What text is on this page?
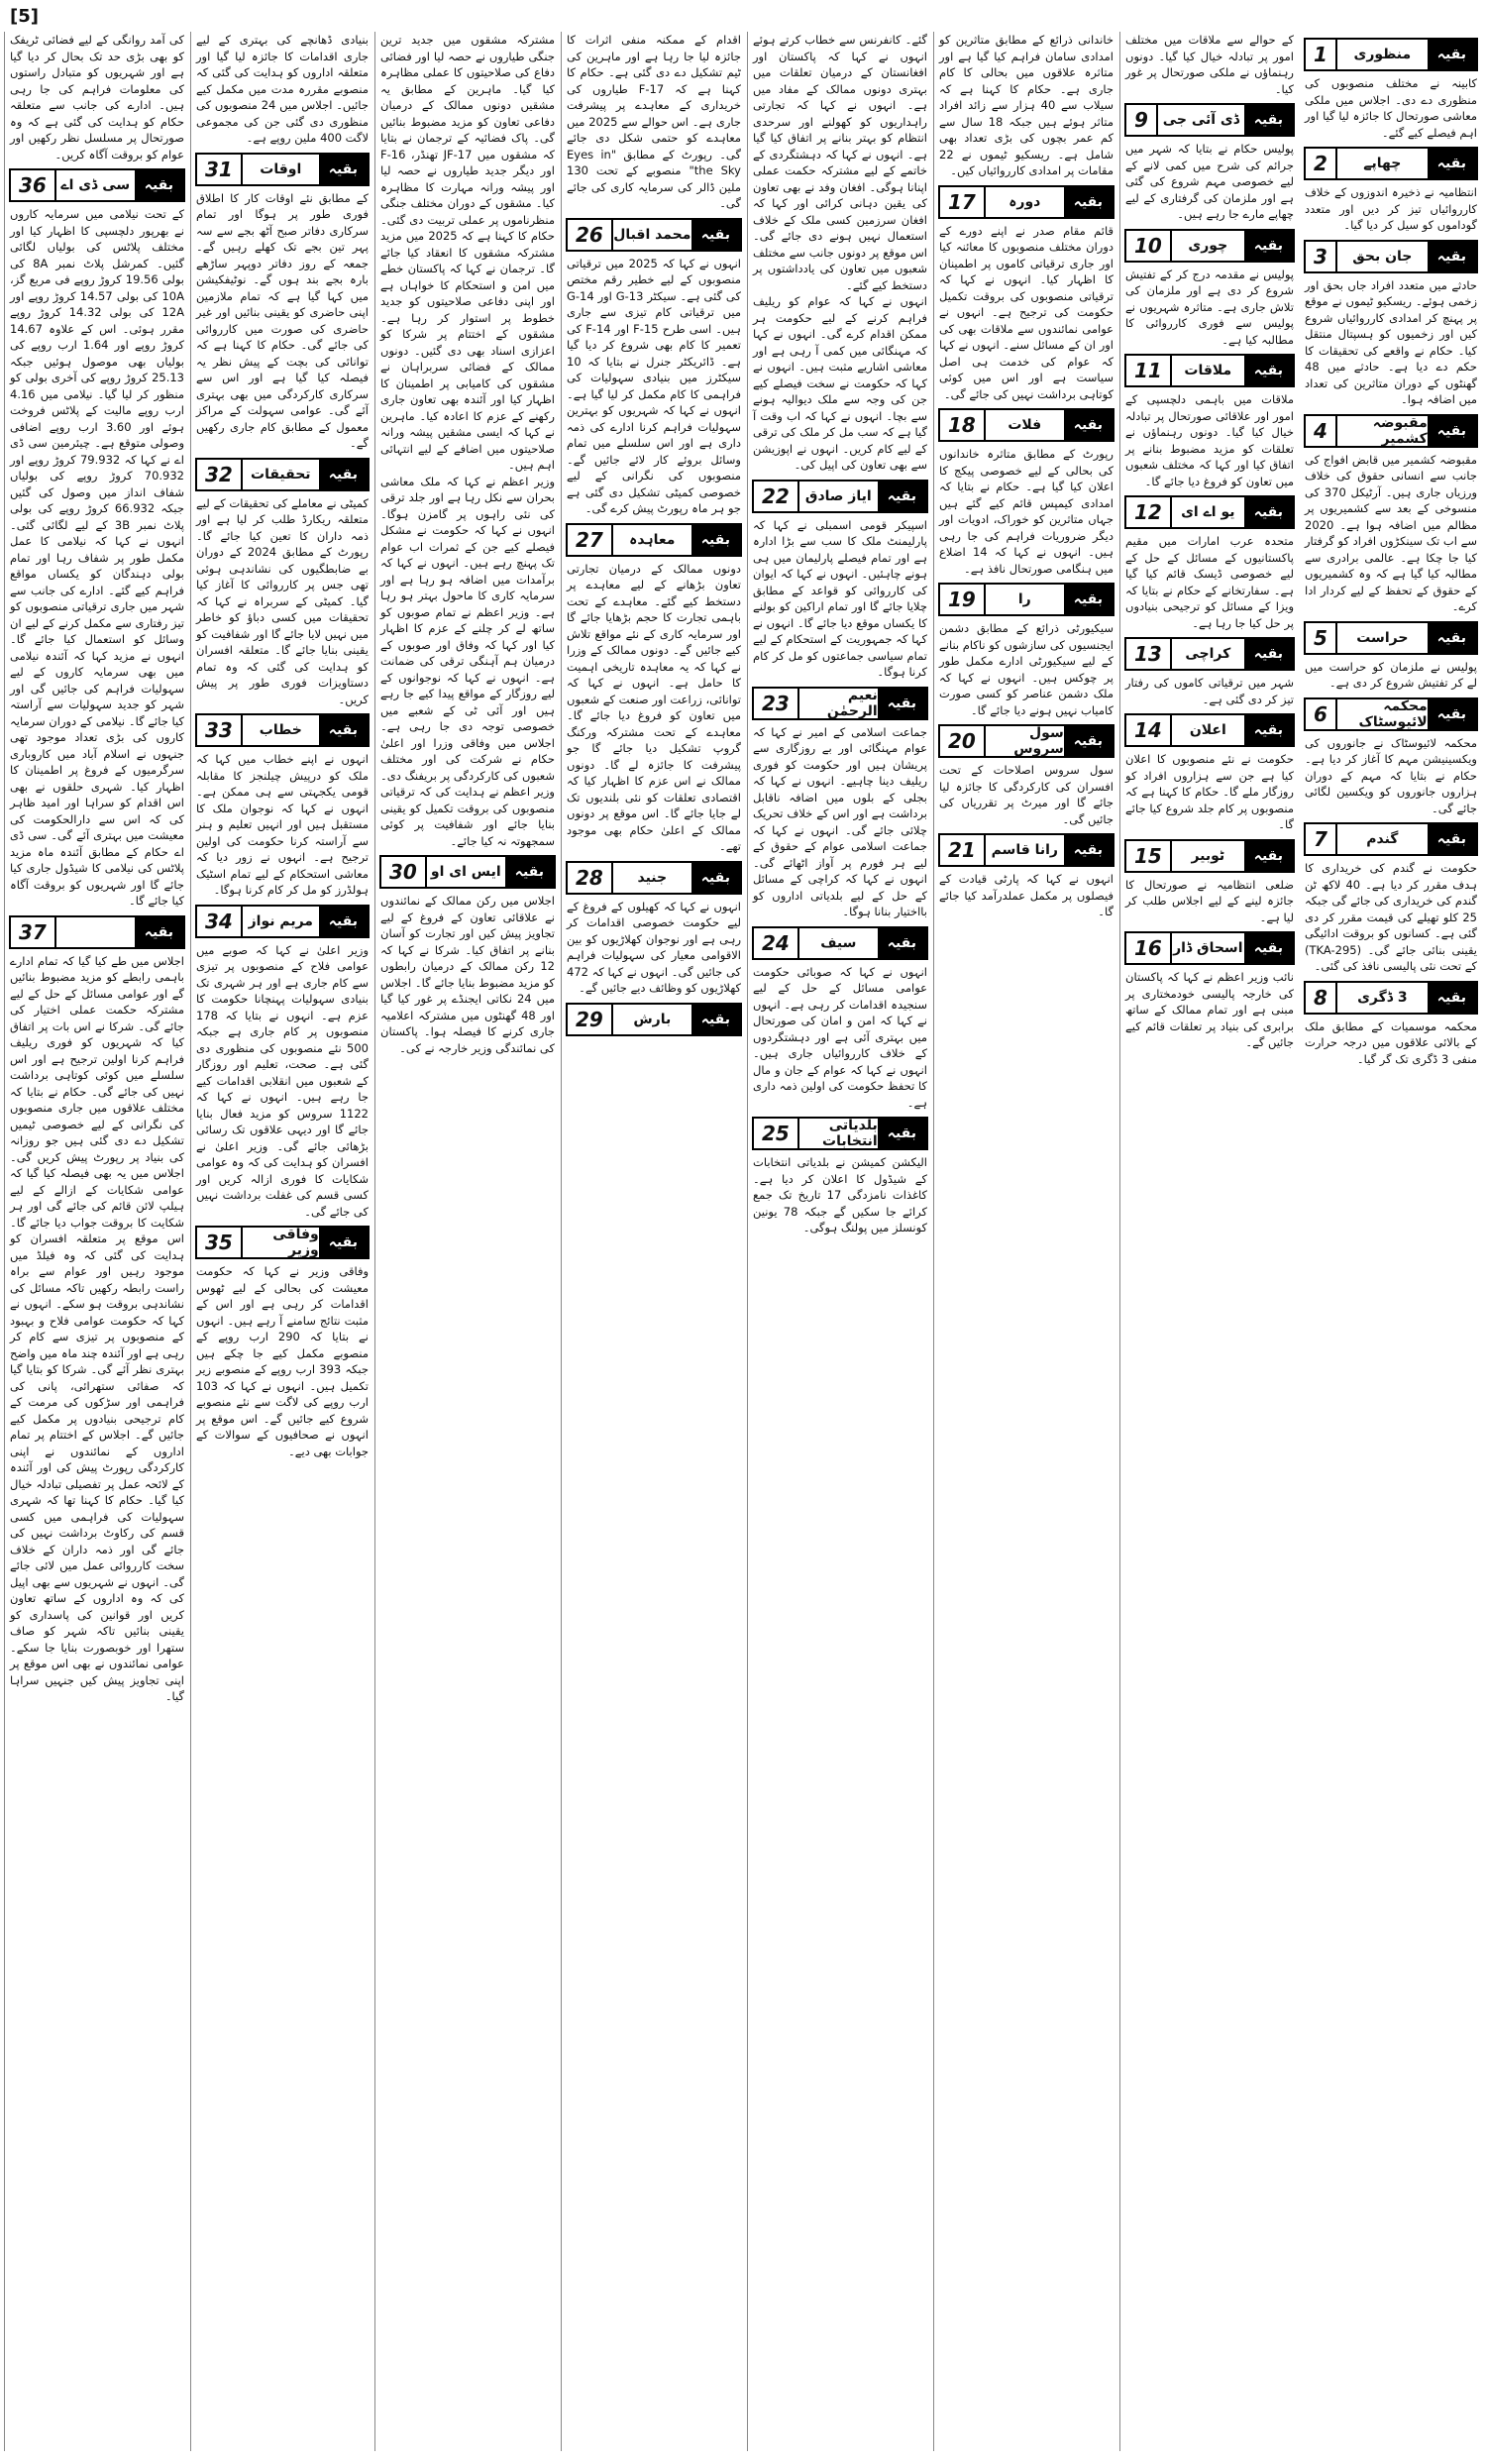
[5]

کی آمد روانگی کے لیے فضائی ٹریفک کو بھی بڑی حد تک بحال کر دیا گیا ہے اور شہریوں کو متبادل راستوں کی معلومات فراہم کی جا رہی ہیں۔ ادارے کی جانب سے متعلقہ حکام کو ہدایت کی گئی ہے کہ وہ صورتحال پر مسلسل نظر رکھیں اور عوام کو بروقت آگاہ کریں۔

بقیہ
سی ڈی اے
36

کے تحت نیلامی میں سرمایہ کاروں نے بھرپور دلچسپی کا اظہار کیا اور مختلف پلاٹس کی بولیاں لگائی گئیں۔ کمرشل پلاٹ نمبر 8A کی بولی 19.56 کروڑ روپے فی مربع گز، 10A کی بولی 14.57 کروڑ روپے اور 12A کی بولی 14.32 کروڑ روپے مقرر ہوئی۔ اس کے علاوہ 14.67 کروڑ روپے اور 1.64 ارب روپے کی بولیاں بھی موصول ہوئیں جبکہ 25.13 کروڑ روپے کی آخری بولی کو منظور کر لیا گیا۔ نیلامی میں 4.16 ارب روپے مالیت کے پلاٹس فروخت ہوئے اور 3.60 ارب روپے اضافی وصولی متوقع ہے۔ چیئرمین سی ڈی اے نے کہا کہ 79.932 کروڑ روپے اور 70.932 کروڑ روپے کی بولیاں شفاف انداز میں وصول کی گئیں جبکہ 66.932 کروڑ روپے کی بولی پلاٹ نمبر 3B کے لیے لگائی گئی۔ انہوں نے کہا کہ نیلامی کا عمل مکمل طور پر شفاف رہا اور تمام بولی دہندگان کو یکساں مواقع فراہم کیے گئے۔ ادارے کی جانب سے شہر میں جاری ترقیاتی منصوبوں کو تیز رفتاری سے مکمل کرنے کے لیے ان وسائل کو استعمال کیا جائے گا۔ انہوں نے مزید کہا کہ آئندہ نیلامی میں بھی سرمایہ کاروں کے لیے سہولیات فراہم کی جائیں گی اور شہر کو جدید سہولیات سے آراستہ کیا جائے گا۔ نیلامی کے دوران سرمایہ کاروں کی بڑی تعداد موجود تھی جنہوں نے اسلام آباد میں کاروباری سرگرمیوں کے فروغ پر اطمینان کا اظہار کیا۔ شہری حلقوں نے بھی اس اقدام کو سراہا اور امید ظاہر کی کہ اس سے دارالحکومت کی معیشت میں بہتری آئے گی۔ سی ڈی اے حکام کے مطابق آئندہ ماہ مزید پلاٹس کی نیلامی کا شیڈول جاری کیا جائے گا اور شہریوں کو بروقت آگاہ کیا جائے گا۔

بقیہ
37

اجلاس میں طے کیا گیا کہ تمام ادارے باہمی رابطے کو مزید مضبوط بنائیں گے اور عوامی مسائل کے حل کے لیے مشترکہ حکمت عملی اختیار کی جائے گی۔ شرکا نے اس بات پر اتفاق کیا کہ شہریوں کو فوری ریلیف فراہم کرنا اولین ترجیح ہے اور اس سلسلے میں کوئی کوتاہی برداشت نہیں کی جائے گی۔ حکام نے بتایا کہ مختلف علاقوں میں جاری منصوبوں کی نگرانی کے لیے خصوصی ٹیمیں تشکیل دے دی گئی ہیں جو روزانہ کی بنیاد پر رپورٹ پیش کریں گی۔ اجلاس میں یہ بھی فیصلہ کیا گیا کہ عوامی شکایات کے ازالے کے لیے ہیلپ لائن قائم کی جائے گی اور ہر شکایت کا بروقت جواب دیا جائے گا۔ اس موقع پر متعلقہ افسران کو ہدایت کی گئی کہ وہ فیلڈ میں موجود رہیں اور عوام سے براہ راست رابطہ رکھیں تاکہ مسائل کی نشاندہی بروقت ہو سکے۔ انہوں نے کہا کہ حکومت عوامی فلاح و بہبود کے منصوبوں پر تیزی سے کام کر رہی ہے اور آئندہ چند ماہ میں واضح بہتری نظر آئے گی۔ شرکا کو بتایا گیا کہ صفائی ستھرائی، پانی کی فراہمی اور سڑکوں کی مرمت کے کام ترجیحی بنیادوں پر مکمل کیے جائیں گے۔ اجلاس کے اختتام پر تمام اداروں کے نمائندوں نے اپنی کارکردگی رپورٹ پیش کی اور آئندہ کے لائحہ عمل پر تفصیلی تبادلہ خیال کیا گیا۔ حکام کا کہنا تھا کہ شہری سہولیات کی فراہمی میں کسی قسم کی رکاوٹ برداشت نہیں کی جائے گی اور ذمہ داران کے خلاف سخت کارروائی عمل میں لائی جائے گی۔ انہوں نے شہریوں سے بھی اپیل کی کہ وہ اداروں کے ساتھ تعاون کریں اور قوانین کی پاسداری کو یقینی بنائیں تاکہ شہر کو صاف ستھرا اور خوبصورت بنایا جا سکے۔ عوامی نمائندوں نے بھی اس موقع پر اپنی تجاویز پیش کیں جنہیں سراہا گیا۔

بنیادی ڈھانچے کی بہتری کے لیے جاری اقدامات کا جائزہ لیا گیا اور متعلقہ اداروں کو ہدایت کی گئی کہ منصوبے مقررہ مدت میں مکمل کیے جائیں۔ اجلاس میں 24 منصوبوں کی منظوری دی گئی جن کی مجموعی لاگت 400 ملین روپے ہے۔

بقیہ
اوقات
31

کے مطابق نئے اوقات کار کا اطلاق فوری طور پر ہوگا اور تمام سرکاری دفاتر صبح آٹھ بجے سے سہ پہر تین بجے تک کھلے رہیں گے۔ جمعہ کے روز دفاتر دوپہر ساڑھے بارہ بجے بند ہوں گے۔ نوٹیفکیشن میں کہا گیا ہے کہ تمام ملازمین اپنی حاضری کو یقینی بنائیں اور غیر حاضری کی صورت میں کارروائی کی جائے گی۔ حکام کا کہنا ہے کہ توانائی کی بچت کے پیش نظر یہ فیصلہ کیا گیا ہے اور اس سے سرکاری کارکردگی میں بھی بہتری آئے گی۔ عوامی سہولت کے مراکز معمول کے مطابق کام جاری رکھیں گے۔

بقیہ
تحقیقات
32

کمیٹی نے معاملے کی تحقیقات کے لیے متعلقہ ریکارڈ طلب کر لیا ہے اور ذمہ داران کا تعین کیا جائے گا۔ رپورٹ کے مطابق 2024 کے دوران بے ضابطگیوں کی نشاندہی ہوئی تھی جس پر کارروائی کا آغاز کیا گیا۔ کمیٹی کے سربراہ نے کہا کہ تحقیقات میں کسی دباؤ کو خاطر میں نہیں لایا جائے گا اور شفافیت کو یقینی بنایا جائے گا۔ متعلقہ افسران کو ہدایت کی گئی کہ وہ تمام دستاویزات فوری طور پر پیش کریں۔

بقیہ
خطاب
33

انہوں نے اپنے خطاب میں کہا کہ ملک کو درپیش چیلنجز کا مقابلہ قومی یکجہتی سے ہی ممکن ہے۔ انہوں نے کہا کہ نوجوان ملک کا مستقبل ہیں اور انہیں تعلیم و ہنر سے آراستہ کرنا حکومت کی اولین ترجیح ہے۔ انہوں نے زور دیا کہ معاشی استحکام کے لیے تمام اسٹیک ہولڈرز کو مل کر کام کرنا ہوگا۔

بقیہ
مریم نواز
34

وزیر اعلیٰ نے کہا کہ صوبے میں عوامی فلاح کے منصوبوں پر تیزی سے کام جاری ہے اور ہر شہری تک بنیادی سہولیات پہنچانا حکومت کا عزم ہے۔ انہوں نے بتایا کہ 178 منصوبوں پر کام جاری ہے جبکہ 500 نئے منصوبوں کی منظوری دی گئی ہے۔ صحت، تعلیم اور روزگار کے شعبوں میں انقلابی اقدامات کیے جا رہے ہیں۔ انہوں نے کہا کہ 1122 سروس کو مزید فعال بنایا جائے گا اور دیہی علاقوں تک رسائی بڑھائی جائے گی۔ وزیر اعلیٰ نے افسران کو ہدایت کی کہ وہ عوامی شکایات کا فوری ازالہ کریں اور کسی قسم کی غفلت برداشت نہیں کی جائے گی۔

بقیہ
وفاقی وزیر
35

وفاقی وزیر نے کہا کہ حکومت معیشت کی بحالی کے لیے ٹھوس اقدامات کر رہی ہے اور اس کے مثبت نتائج سامنے آ رہے ہیں۔ انہوں نے بتایا کہ 290 ارب روپے کے منصوبے مکمل کیے جا چکے ہیں جبکہ 393 ارب روپے کے منصوبے زیر تکمیل ہیں۔ انہوں نے کہا کہ 103 ارب روپے کی لاگت سے نئے منصوبے شروع کیے جائیں گے۔ اس موقع پر انہوں نے صحافیوں کے سوالات کے جوابات بھی دیے۔

مشترکہ مشقوں میں جدید ترین جنگی طیاروں نے حصہ لیا اور فضائی دفاع کی صلاحیتوں کا عملی مظاہرہ کیا گیا۔ ماہرین کے مطابق یہ مشقیں دونوں ممالک کے درمیان دفاعی تعاون کو مزید مضبوط بنائیں گی۔ پاک فضائیہ کے ترجمان نے بتایا کہ مشقوں میں JF-17 تھنڈر، F-16 اور دیگر جدید طیاروں نے حصہ لیا اور پیشہ ورانہ مہارت کا مظاہرہ کیا۔ مشقوں کے دوران مختلف جنگی منظرناموں پر عملی تربیت دی گئی۔ حکام کا کہنا ہے کہ 2025 میں مزید مشترکہ مشقوں کا انعقاد کیا جائے گا۔ ترجمان نے کہا کہ پاکستان خطے میں امن و استحکام کا خواہاں ہے اور اپنی دفاعی صلاحیتوں کو جدید خطوط پر استوار کر رہا ہے۔ مشقوں کے اختتام پر شرکا کو اعزازی اسناد بھی دی گئیں۔ دونوں ممالک کے فضائی سربراہان نے مشقوں کی کامیابی پر اطمینان کا اظہار کیا اور آئندہ بھی تعاون جاری رکھنے کے عزم کا اعادہ کیا۔ ماہرین نے کہا کہ ایسی مشقیں پیشہ ورانہ صلاحیتوں میں اضافے کے لیے انتہائی اہم ہیں۔

وزیر اعظم نے کہا کہ ملک معاشی بحران سے نکل رہا ہے اور جلد ترقی کی نئی راہوں پر گامزن ہوگا۔ انہوں نے کہا کہ حکومت نے مشکل فیصلے کیے جن کے ثمرات اب عوام تک پہنچ رہے ہیں۔ انہوں نے کہا کہ برآمدات میں اضافہ ہو رہا ہے اور سرمایہ کاری کا ماحول بہتر ہو رہا ہے۔ وزیر اعظم نے تمام صوبوں کو ساتھ لے کر چلنے کے عزم کا اظہار کیا اور کہا کہ وفاق اور صوبوں کے درمیان ہم آہنگی ترقی کی ضمانت ہے۔ انہوں نے کہا کہ نوجوانوں کے لیے روزگار کے مواقع پیدا کیے جا رہے ہیں اور آئی ٹی کے شعبے میں خصوصی توجہ دی جا رہی ہے۔ اجلاس میں وفاقی وزرا اور اعلیٰ حکام نے شرکت کی اور مختلف شعبوں کی کارکردگی پر بریفنگ دی۔ وزیر اعظم نے ہدایت کی کہ ترقیاتی منصوبوں کی بروقت تکمیل کو یقینی بنایا جائے اور شفافیت پر کوئی سمجھوتہ نہ کیا جائے۔

بقیہ
ایس ای او
30

اجلاس میں رکن ممالک کے نمائندوں نے علاقائی تعاون کے فروغ کے لیے تجاویز پیش کیں اور تجارت کو آسان بنانے پر اتفاق کیا۔ شرکا نے کہا کہ 12 رکن ممالک کے درمیان رابطوں کو مزید مضبوط بنایا جائے گا۔ اجلاس میں 24 نکاتی ایجنڈے پر غور کیا گیا اور 48 گھنٹوں میں مشترکہ اعلامیہ جاری کرنے کا فیصلہ ہوا۔ پاکستان کی نمائندگی وزیر خارجہ نے کی۔

اقدام کے ممکنہ منفی اثرات کا جائزہ لیا جا رہا ہے اور ماہرین کی ٹیم تشکیل دے دی گئی ہے۔ حکام کا کہنا ہے کہ F-17 طیاروں کی خریداری کے معاہدے پر پیشرفت جاری ہے۔ اس حوالے سے 2025 میں معاہدے کو حتمی شکل دی جائے گی۔ رپورٹ کے مطابق "Eyes in the Sky" منصوبے کے تحت 130 ملین ڈالر کی سرمایہ کاری کی جائے گی۔

بقیہ
محمد اقبال
26

انہوں نے کہا کہ 2025 میں ترقیاتی منصوبوں کے لیے خطیر رقم مختص کی گئی ہے۔ سیکٹر G-13 اور G-14 میں ترقیاتی کام تیزی سے جاری ہیں۔ اسی طرح F-15 اور F-14 کی تعمیر کا کام بھی شروع کر دیا گیا ہے۔ ڈائریکٹر جنرل نے بتایا کہ 10 سیکٹرز میں بنیادی سہولیات کی فراہمی کا کام مکمل کر لیا گیا ہے۔ انہوں نے کہا کہ شہریوں کو بہترین سہولیات فراہم کرنا ادارے کی ذمہ داری ہے اور اس سلسلے میں تمام وسائل بروئے کار لائے جائیں گے۔ منصوبوں کی نگرانی کے لیے خصوصی کمیٹی تشکیل دی گئی ہے جو ہر ماہ رپورٹ پیش کرے گی۔

بقیہ
معاہدہ
27

دونوں ممالک کے درمیان تجارتی تعاون بڑھانے کے لیے معاہدے پر دستخط کیے گئے۔ معاہدے کے تحت باہمی تجارت کا حجم بڑھایا جائے گا اور سرمایہ کاری کے نئے مواقع تلاش کیے جائیں گے۔ دونوں ممالک کے وزرا نے کہا کہ یہ معاہدہ تاریخی اہمیت کا حامل ہے۔ انہوں نے کہا کہ توانائی، زراعت اور صنعت کے شعبوں میں تعاون کو فروغ دیا جائے گا۔ معاہدے کے تحت مشترکہ ورکنگ گروپ تشکیل دیا جائے گا جو پیشرفت کا جائزہ لے گا۔ دونوں ممالک نے اس عزم کا اظہار کیا کہ اقتصادی تعلقات کو نئی بلندیوں تک لے جایا جائے گا۔ اس موقع پر دونوں ممالک کے اعلیٰ حکام بھی موجود تھے۔

بقیہ
جنید
28

انہوں نے کہا کہ کھیلوں کے فروغ کے لیے حکومت خصوصی اقدامات کر رہی ہے اور نوجوان کھلاڑیوں کو بین الاقوامی معیار کی سہولیات فراہم کی جائیں گی۔ انہوں نے کہا کہ 472 کھلاڑیوں کو وظائف دیے جائیں گے۔

بقیہ
بارش
29

گئے۔ کانفرنس سے خطاب کرتے ہوئے انہوں نے کہا کہ پاکستان اور افغانستان کے درمیان تعلقات میں بہتری دونوں ممالک کے مفاد میں ہے۔ انہوں نے کہا کہ تجارتی راہداریوں کو کھولنے اور سرحدی انتظام کو بہتر بنانے پر اتفاق کیا گیا ہے۔ انہوں نے کہا کہ دہشتگردی کے خاتمے کے لیے مشترکہ حکمت عملی اپنانا ہوگی۔ افغان وفد نے بھی تعاون کی یقین دہانی کرائی اور کہا کہ افغان سرزمین کسی ملک کے خلاف استعمال نہیں ہونے دی جائے گی۔ اس موقع پر دونوں جانب سے مختلف شعبوں میں تعاون کی یادداشتوں پر دستخط کیے گئے۔

انہوں نے کہا کہ عوام کو ریلیف فراہم کرنے کے لیے حکومت ہر ممکن اقدام کرے گی۔ انہوں نے کہا کہ مہنگائی میں کمی آ رہی ہے اور معاشی اشاریے مثبت ہیں۔ انہوں نے کہا کہ حکومت نے سخت فیصلے کیے جن کی وجہ سے ملک دیوالیہ ہونے سے بچا۔ انہوں نے کہا کہ اب وقت آ گیا ہے کہ سب مل کر ملک کی ترقی کے لیے کام کریں۔ انہوں نے اپوزیشن سے بھی تعاون کی اپیل کی۔

بقیہ
ایاز صادق
22

اسپیکر قومی اسمبلی نے کہا کہ پارلیمنٹ ملک کا سب سے بڑا ادارہ ہے اور تمام فیصلے پارلیمان میں ہی ہونے چاہئیں۔ انہوں نے کہا کہ ایوان کی کارروائی کو قواعد کے مطابق چلایا جائے گا اور تمام اراکین کو بولنے کا یکساں موقع دیا جائے گا۔ انہوں نے کہا کہ جمہوریت کے استحکام کے لیے تمام سیاسی جماعتوں کو مل کر کام کرنا ہوگا۔

بقیہ
نعیم الرحمٰن
23

جماعت اسلامی کے امیر نے کہا کہ عوام مہنگائی اور بے روزگاری سے پریشان ہیں اور حکومت کو فوری ریلیف دینا چاہیے۔ انہوں نے کہا کہ بجلی کے بلوں میں اضافہ ناقابل برداشت ہے اور اس کے خلاف تحریک چلائی جائے گی۔ انہوں نے کہا کہ جماعت اسلامی عوام کے حقوق کے لیے ہر فورم پر آواز اٹھائے گی۔ انہوں نے کہا کہ کراچی کے مسائل کے حل کے لیے بلدیاتی اداروں کو بااختیار بنانا ہوگا۔

بقیہ
سیف
24

انہوں نے کہا کہ صوبائی حکومت عوامی مسائل کے حل کے لیے سنجیدہ اقدامات کر رہی ہے۔ انہوں نے کہا کہ امن و امان کی صورتحال میں بہتری آئی ہے اور دہشتگردوں کے خلاف کارروائیاں جاری ہیں۔ انہوں نے کہا کہ عوام کے جان و مال کا تحفظ حکومت کی اولین ذمہ داری ہے۔

بقیہ
بلدیاتی انتخابات
25

الیکشن کمیشن نے بلدیاتی انتخابات کے شیڈول کا اعلان کر دیا ہے۔ کاغذات نامزدگی 17 تاریخ تک جمع کرائے جا سکیں گے جبکہ 78 یونین کونسلز میں پولنگ ہوگی۔

خاندانی ذرائع کے مطابق متاثرین کو امدادی سامان فراہم کیا گیا ہے اور متاثرہ علاقوں میں بحالی کا کام جاری ہے۔ حکام کا کہنا ہے کہ سیلاب سے 40 ہزار سے زائد افراد متاثر ہوئے ہیں جبکہ 18 سال سے کم عمر بچوں کی بڑی تعداد بھی شامل ہے۔ ریسکیو ٹیموں نے 22 مقامات پر امدادی کارروائیاں کیں۔

بقیہ
دورہ
17

قائم مقام صدر نے اپنے دورے کے دوران مختلف منصوبوں کا معائنہ کیا اور جاری ترقیاتی کاموں پر اطمینان کا اظہار کیا۔ انہوں نے کہا کہ ترقیاتی منصوبوں کی بروقت تکمیل حکومت کی ترجیح ہے۔ انہوں نے عوامی نمائندوں سے ملاقات بھی کی اور ان کے مسائل سنے۔ انہوں نے کہا کہ عوام کی خدمت ہی اصل سیاست ہے اور اس میں کوئی کوتاہی برداشت نہیں کی جائے گی۔

بقیہ
فلات
18

رپورٹ کے مطابق متاثرہ خاندانوں کی بحالی کے لیے خصوصی پیکج کا اعلان کیا گیا ہے۔ حکام نے بتایا کہ امدادی کیمپس قائم کیے گئے ہیں جہاں متاثرین کو خوراک، ادویات اور دیگر ضروریات فراہم کی جا رہی ہیں۔ انہوں نے کہا کہ 14 اضلاع میں ہنگامی صورتحال نافذ ہے۔

بقیہ
را
19

سیکیورٹی ذرائع کے مطابق دشمن ایجنسیوں کی سازشوں کو ناکام بنانے کے لیے سیکیورٹی ادارے مکمل طور پر چوکس ہیں۔ انہوں نے کہا کہ ملک دشمن عناصر کو کسی صورت کامیاب نہیں ہونے دیا جائے گا۔

بقیہ
سول سروس
20

سول سروس اصلاحات کے تحت افسران کی کارکردگی کا جائزہ لیا جائے گا اور میرٹ پر تقرریاں کی جائیں گی۔

بقیہ
رانا قاسم
21

انہوں نے کہا کہ پارٹی قیادت کے فیصلوں پر مکمل عملدرآمد کیا جائے گا۔

کے حوالے سے ملاقات میں مختلف امور پر تبادلہ خیال کیا گیا۔ دونوں رہنماؤں نے ملکی صورتحال پر غور کیا۔

بقیہ
ڈی آئی جی
9

پولیس حکام نے بتایا کہ شہر میں جرائم کی شرح میں کمی لانے کے لیے خصوصی مہم شروع کی گئی ہے اور ملزمان کی گرفتاری کے لیے چھاپے مارے جا رہے ہیں۔

بقیہ
چوری
10

پولیس نے مقدمہ درج کر کے تفتیش شروع کر دی ہے اور ملزمان کی تلاش جاری ہے۔ متاثرہ شہریوں نے پولیس سے فوری کارروائی کا مطالبہ کیا ہے۔

بقیہ
ملاقات
11

ملاقات میں باہمی دلچسپی کے امور اور علاقائی صورتحال پر تبادلہ خیال کیا گیا۔ دونوں رہنماؤں نے تعلقات کو مزید مضبوط بنانے پر اتفاق کیا اور کہا کہ مختلف شعبوں میں تعاون کو فروغ دیا جائے گا۔

بقیہ
یو اے ای
12

متحدہ عرب امارات میں مقیم پاکستانیوں کے مسائل کے حل کے لیے خصوصی ڈیسک قائم کیا گیا ہے۔ سفارتخانے کے حکام نے بتایا کہ ویزا کے مسائل کو ترجیحی بنیادوں پر حل کیا جا رہا ہے۔

بقیہ
کراچی
13

شہر میں ترقیاتی کاموں کی رفتار تیز کر دی گئی ہے۔

بقیہ
اعلان
14

حکومت نے نئے منصوبوں کا اعلان کیا ہے جن سے ہزاروں افراد کو روزگار ملے گا۔ حکام کا کہنا ہے کہ منصوبوں پر کام جلد شروع کیا جائے گا۔

بقیہ
ٹوبیر
15

ضلعی انتظامیہ نے صورتحال کا جائزہ لینے کے لیے اجلاس طلب کر لیا ہے۔

بقیہ
اسحاق ڈار
16

نائب وزیر اعظم نے کہا کہ پاکستان کی خارجہ پالیسی خودمختاری پر مبنی ہے اور تمام ممالک کے ساتھ برابری کی بنیاد پر تعلقات قائم کیے جائیں گے۔

بقیہ
منظوری
1

کابینہ نے مختلف منصوبوں کی منظوری دے دی۔ اجلاس میں ملکی معاشی صورتحال کا جائزہ لیا گیا اور اہم فیصلے کیے گئے۔

بقیہ
چھاپے
2

انتظامیہ نے ذخیرہ اندوزوں کے خلاف کارروائیاں تیز کر دیں اور متعدد گوداموں کو سیل کر دیا گیا۔

بقیہ
جان بحق
3

حادثے میں متعدد افراد جاں بحق اور زخمی ہوئے۔ ریسکیو ٹیموں نے موقع پر پہنچ کر امدادی کارروائیاں شروع کیں اور زخمیوں کو ہسپتال منتقل کیا۔ حکام نے واقعے کی تحقیقات کا حکم دے دیا ہے۔ حادثے میں 48 گھنٹوں کے دوران متاثرین کی تعداد میں اضافہ ہوا۔

بقیہ
مقبوضہ کشمیر
4

مقبوضہ کشمیر میں قابض افواج کی جانب سے انسانی حقوق کی خلاف ورزیاں جاری ہیں۔ آرٹیکل 370 کی منسوخی کے بعد سے کشمیریوں پر مظالم میں اضافہ ہوا ہے۔ 2020 سے اب تک سینکڑوں افراد کو گرفتار کیا جا چکا ہے۔ عالمی برادری سے مطالبہ کیا گیا ہے کہ وہ کشمیریوں کے حقوق کے تحفظ کے لیے کردار ادا کرے۔

بقیہ
حراست
5

پولیس نے ملزمان کو حراست میں لے کر تفتیش شروع کر دی ہے۔

بقیہ
محکمہ لائیوسٹاک
6

محکمہ لائیوسٹاک نے جانوروں کی ویکسینیشن مہم کا آغاز کر دیا ہے۔ حکام نے بتایا کہ مہم کے دوران ہزاروں جانوروں کو ویکسین لگائی جائے گی۔

بقیہ
گندم
7

حکومت نے گندم کی خریداری کا ہدف مقرر کر دیا ہے۔ 40 لاکھ ٹن گندم کی خریداری کی جائے گی جبکہ 25 کلو تھیلے کی قیمت مقرر کر دی گئی ہے۔ کسانوں کو بروقت ادائیگی یقینی بنائی جائے گی۔ (TKA-295) کے تحت نئی پالیسی نافذ کی گئی۔

بقیہ
3 ڈگری
8

محکمہ موسمیات کے مطابق ملک کے بالائی علاقوں میں درجہ حرارت منفی 3 ڈگری تک گر گیا۔
